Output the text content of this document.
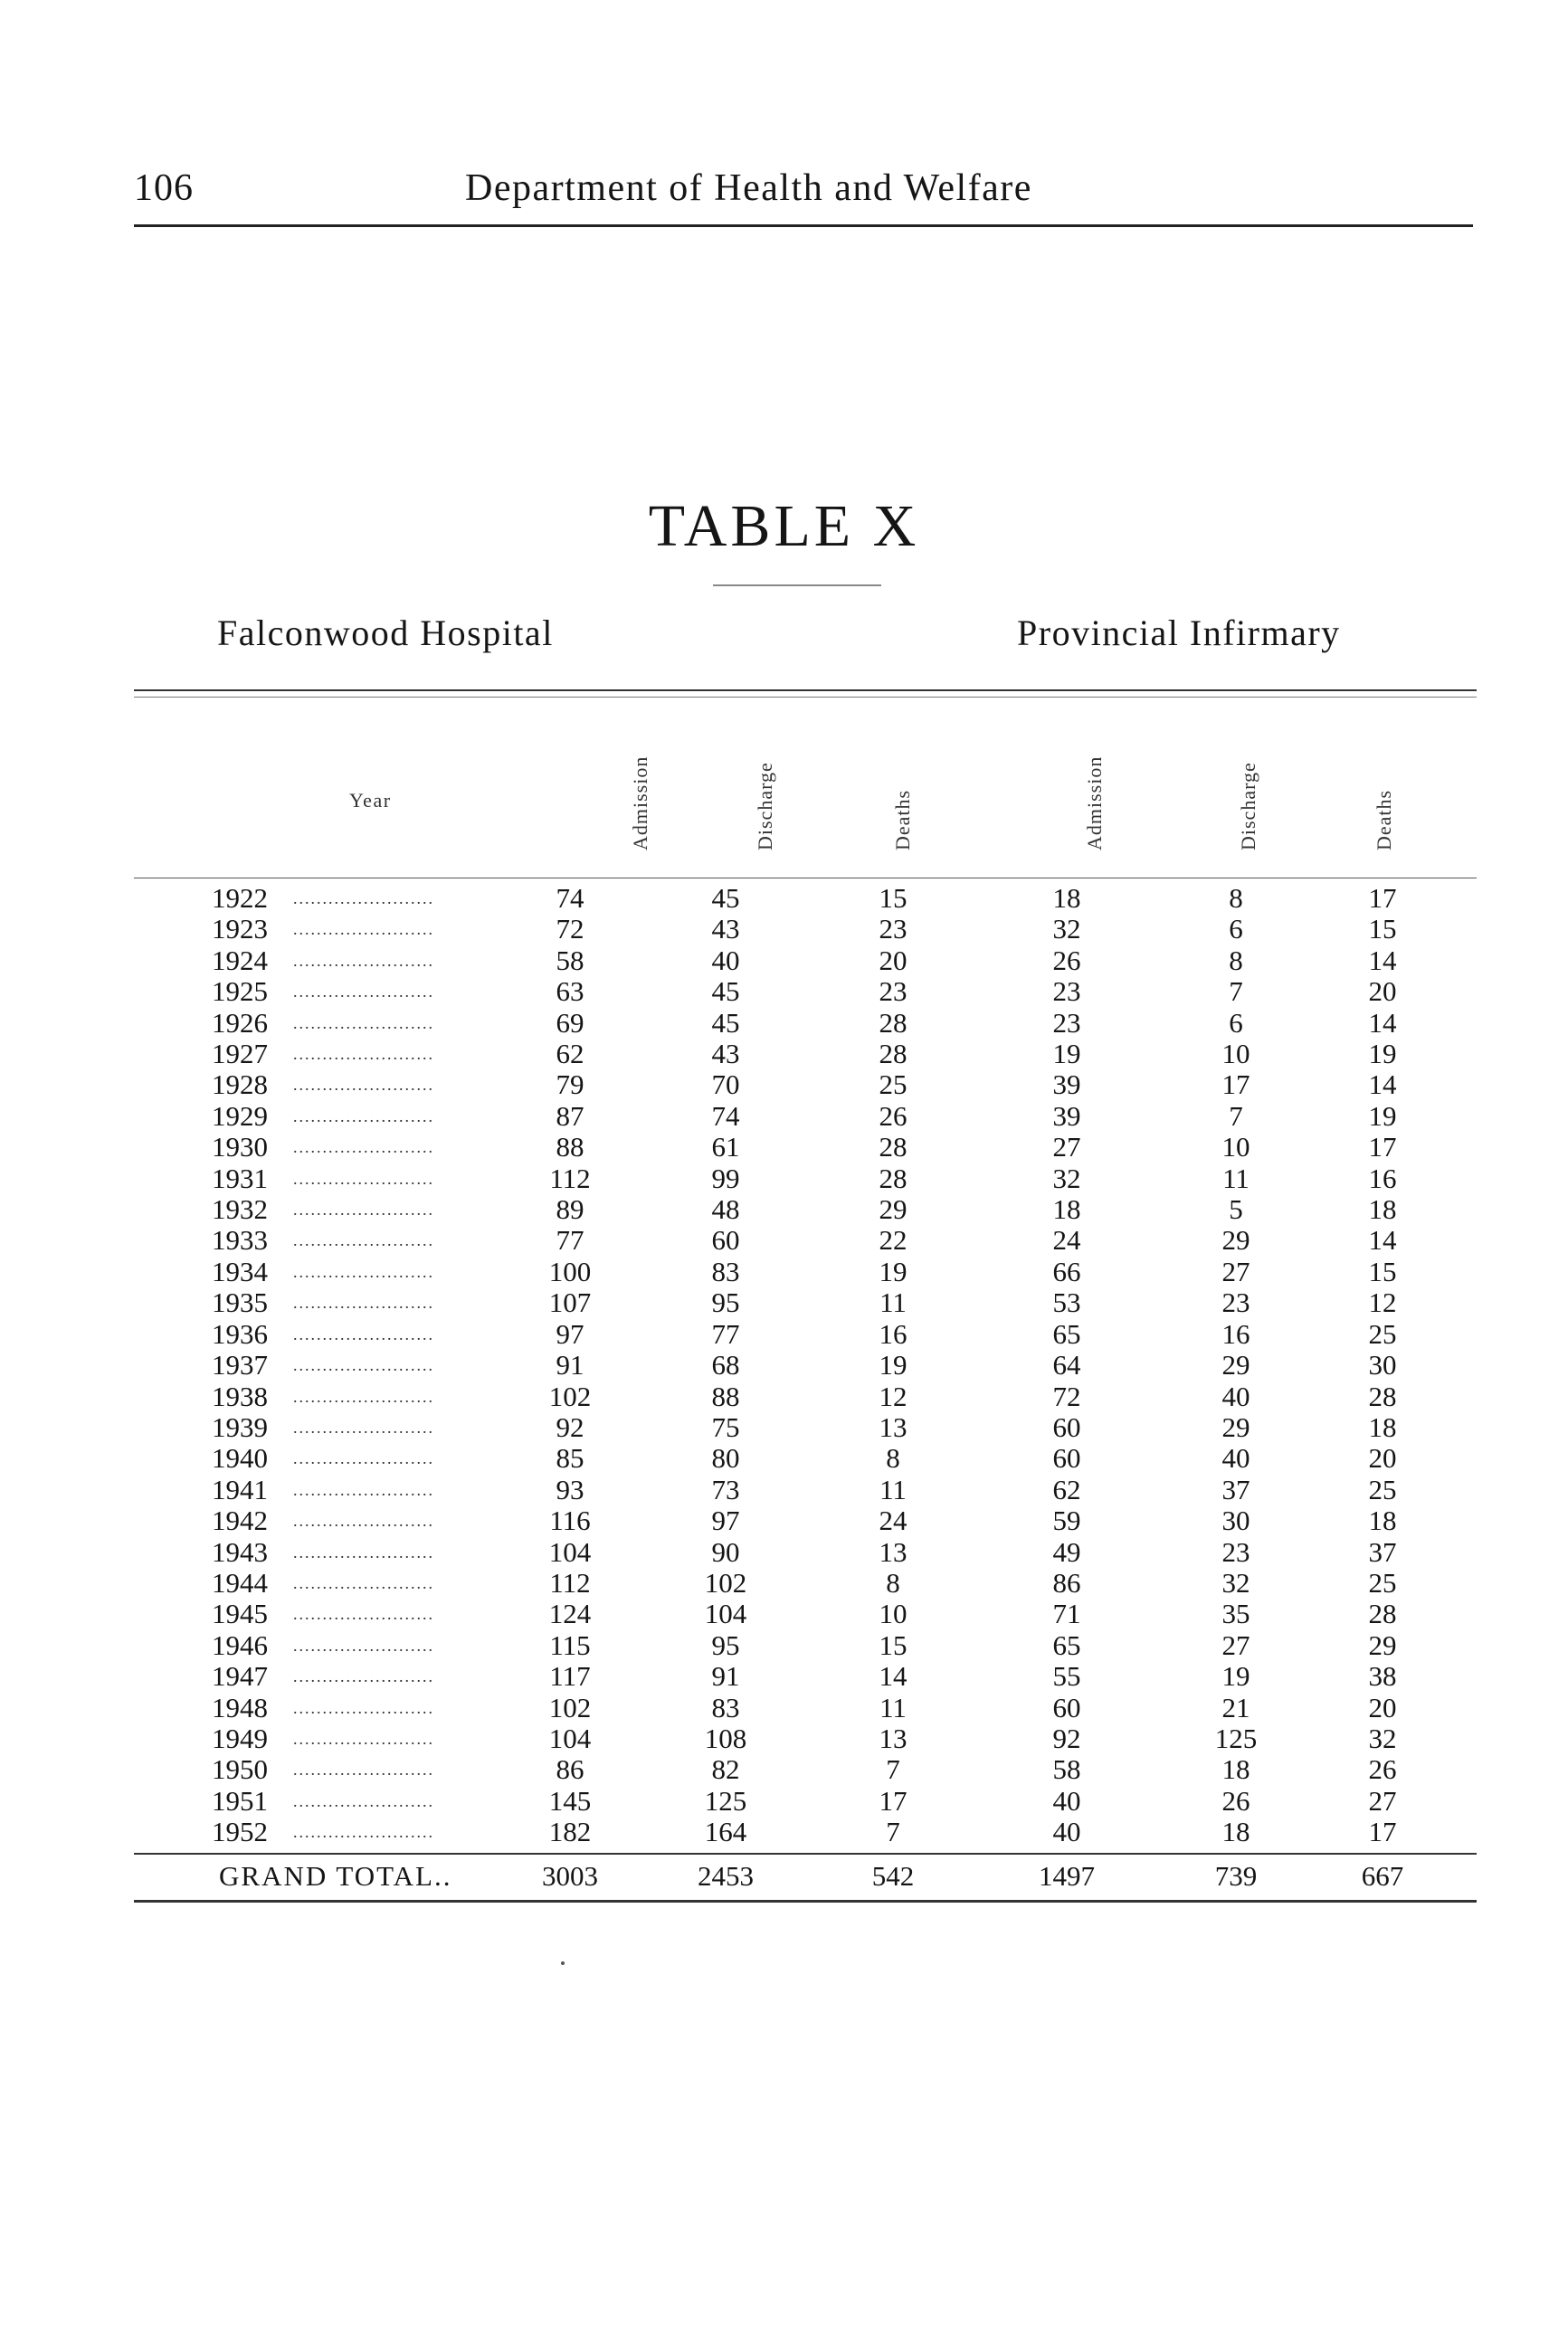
106	Department of Health and Welfare
TABLE X
Falconwood Hospital	Provincial Infirmary
Year	Admission	Discharge	Deaths	Admission	Discharge	Deaths
1922	........................	74	45	15	18	8	17
1923	........................	72	43	23	32	6	15
1924	........................	58	40	20	26	8	14
1925	........................	63	45	23	23	7	20
1926	........................	69	45	28	23	6	14
1927	........................	62	43	28	19	10	19
1928	........................	79	70	25	39	17	14
1929	........................	87	74	26	39	7	19
1930	........................	88	61	28	27	10	17
1931	........................	112	99	28	32	11	16
1932	........................	89	48	29	18	5	18
1933	........................	77	60	22	24	29	14
1934	........................	100	83	19	66	27	15
1935	........................	107	95	11	53	23	12
1936	........................	97	77	16	65	16	25
1937	........................	91	68	19	64	29	30
1938	........................	102	88	12	72	40	28
1939	........................	92	75	13	60	29	18
1940	........................	85	80	8	60	40	20
1941	........................	93	73	11	62	37	25
1942	........................	116	97	24	59	30	18
1943	........................	104	90	13	49	23	37
1944	........................	112	102	8	86	32	25
1945	........................	124	104	10	71	35	28
1946	........................	115	95	15	65	27	29
1947	........................	117	91	14	55	19	38
1948	........................	102	83	11	60	21	20
1949	........................	104	108	13	92	125	32
1950	........................	86	82	7	58	18	26
1951	........................	145	125	17	40	26	27
1952	........................	182	164	7	40	18	17
GRAND TOTAL..	3003	2453	542	1497	739	667
